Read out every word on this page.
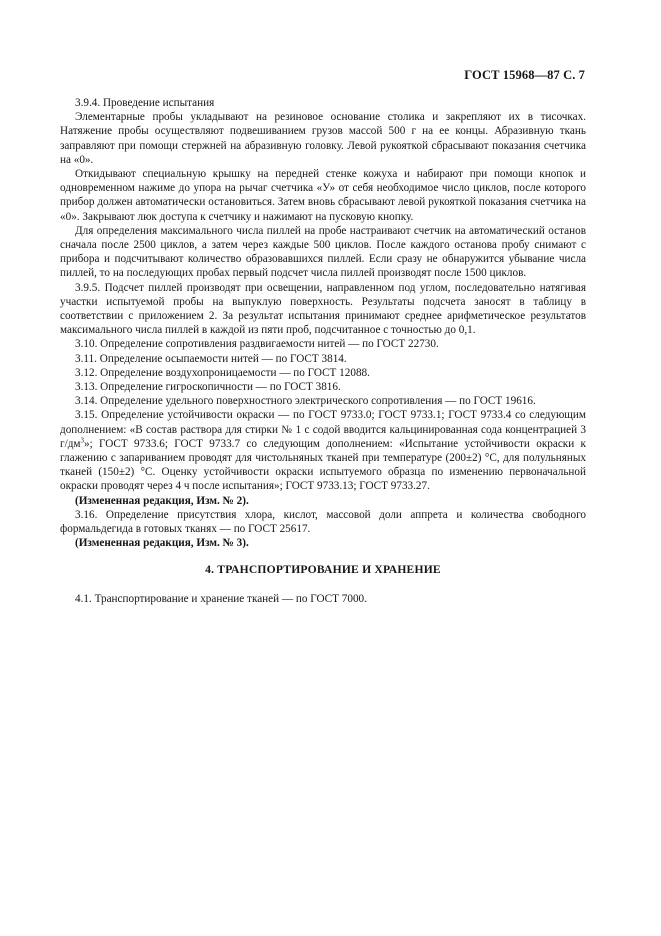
ГОСТ 15968—87 С. 7

3.9.4. Проведение испытания

Элементарные пробы укладывают на резиновое основание столика и закрепляют их в тисочках. Натяжение пробы осуществляют подвешиванием грузов массой 500 г на ее концы. Абразивную ткань заправляют при помощи стержней на абразивную головку. Левой рукояткой сбрасывают показания счетчика на «0».

Откидывают специальную крышку на передней стенке кожуха и набирают при помощи кнопок и одновременном нажиме до упора на рычаг счетчика «У» от себя необходимое число циклов, после которого прибор должен автоматически остановиться. Затем вновь сбрасывают левой рукояткой показания счетчика на «0». Закрывают люк доступа к счетчику и нажимают на пусковую кнопку.

Для определения максимального числа пиллей на пробе настраивают счетчик на автоматический останов сначала после 2500 циклов, а затем через каждые 500 циклов. После каждого останова пробу снимают с прибора и подсчитывают количество образовавшихся пиллей. Если сразу не обнаружится убывание числа пиллей, то на последующих пробах первый подсчет числа пиллей производят после 1500 циклов.

3.9.5. Подсчет пиллей производят при освещении, направленном под углом, последовательно натягивая участки испытуемой пробы на выпуклую поверхность. Результаты подсчета заносят в таблицу в соответствии с приложением 2. За результат испытания принимают среднее арифметическое результатов максимального числа пиллей в каждой из пяти проб, подсчитанное с точностью до 0,1.

3.10. Определение сопротивления раздвигаемости нитей — по ГОСТ 22730.

3.11. Определение осыпаемости нитей — по ГОСТ 3814.

3.12. Определение воздухопроницаемости — по ГОСТ 12088.

3.13. Определение гигроскопичности — по ГОСТ 3816.

3.14. Определение удельного поверхностного электрического сопротивления — по ГОСТ 19616.

3.15. Определение устойчивости окраски — по ГОСТ 9733.0; ГОСТ 9733.1; ГОСТ 9733.4 со следующим дополнением: «В состав раствора для стирки № 1 с содой вводится кальцинированная сода концентрацией 3 $г/дм^3$»; ГОСТ 9733.6; ГОСТ 9733.7 со следующим дополнением: «Испытание устойчивости окраски к глажению с запариванием проводят для чистольняных тканей при температуре (200±2) °С, для полульняных тканей (150±2) °С. Оценку устойчивости окраски испытуемого образца по изменению первоначальной окраски проводят через 4 ч после испытания»; ГОСТ 9733.13; ГОСТ 9733.27.

(Измененная редакция, Изм. № 2).

3.16. Определение присутствия хлора, кислот, массовой доли аппрета и количества свободного формальдегида в готовых тканях — по ГОСТ 25617.

(Измененная редакция, Изм. № 3).

4. ТРАНСПОРТИРОВАНИЕ И ХРАНЕНИЕ

4.1. Транспортирование и хранение тканей — по ГОСТ 7000.
